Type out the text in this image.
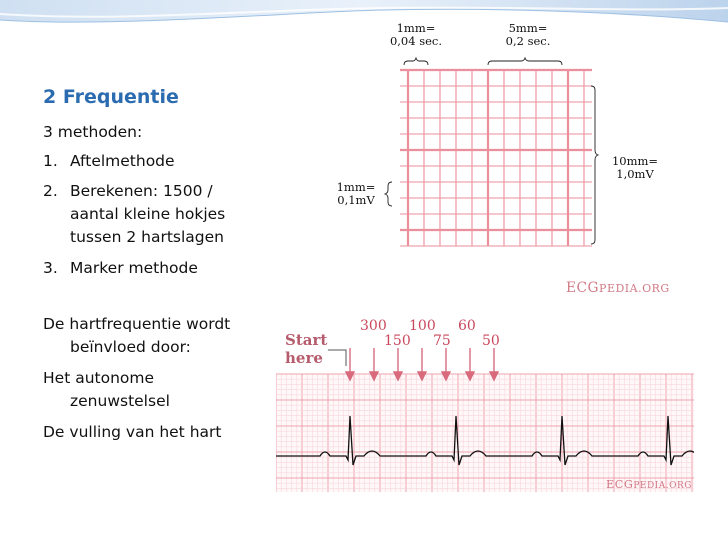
2 Frequentie

3 methoden:

1. Aftelmethode

2. Berekenen: 1500 /

aantal kleine hokjes

tussen 2 hartslagen

3. Marker methode

De hartfrequentie wordt

beïnvloed door:

Het autonome

zenuwstelsel

De vulling van het hart

1mm=
0,04 sec.
5mm=
0,2 sec.
1mm=
0,1mV
10mm=
1,0mV
ECGPEDIA.ORG
Start
here
300 100 60
150 75 50
ECGPEDIA.ORG
